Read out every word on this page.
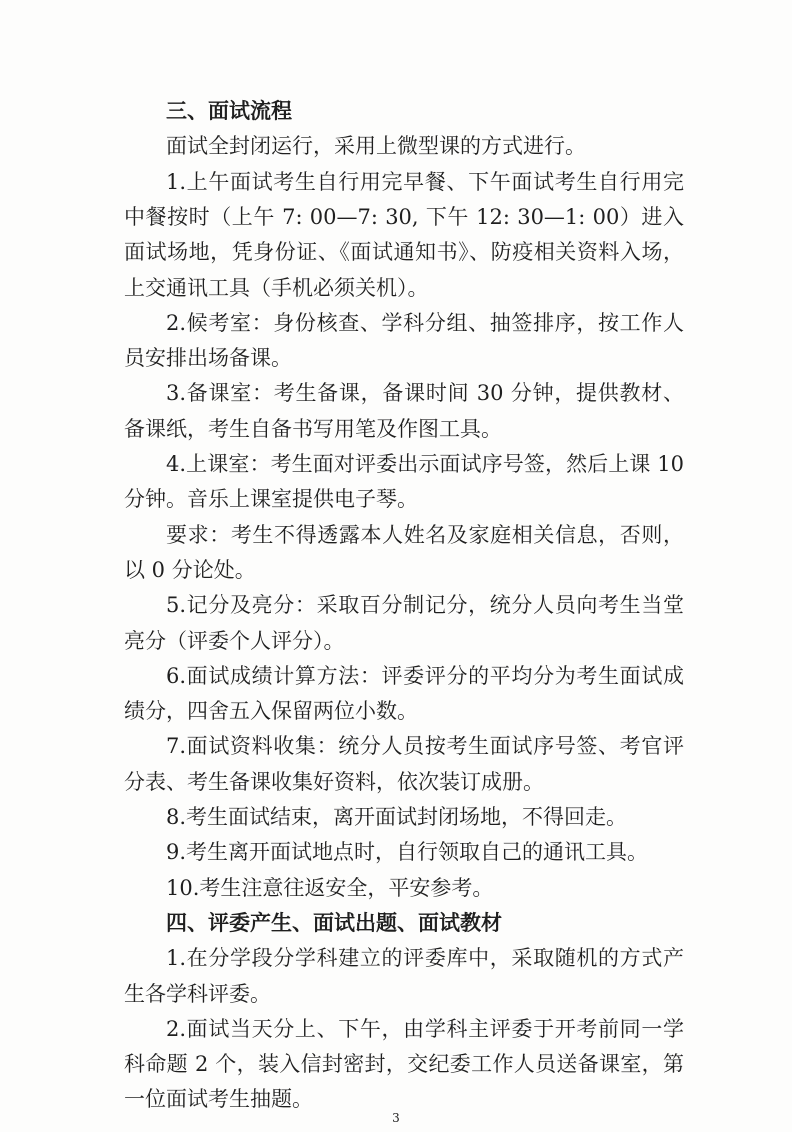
三、面试流程
面试全封闭运行，采用上微型课的方式进行。
1.上午面试考生自行用完早餐、下午面试考生自行用完
中餐按时（上午 7: 00—7: 30, 下午 12: 30—1: 00）进入
面试场地，凭身份证、《面试通知书》、防疫相关资料入场，
上交通讯工具（手机必须关机）。
2.候考室：身份核查、学科分组、抽签排序，按工作人
员安排出场备课。
3.备课室：考生备课，备课时间 30 分钟，提供教材、
备课纸，考生自备书写用笔及作图工具。
4.上课室：考生面对评委出示面试序号签，然后上课 10
分钟。音乐上课室提供电子琴。
要求：考生不得透露本人姓名及家庭相关信息，否则，
以 0 分论处。
5.记分及亮分：采取百分制记分，统分人员向考生当堂
亮分（评委个人评分）。
6.面试成绩计算方法：评委评分的平均分为考生面试成
绩分，四舍五入保留两位小数。
7.面试资料收集：统分人员按考生面试序号签、考官评
分表、考生备课收集好资料，依次装订成册。
8.考生面试结束，离开面试封闭场地，不得回走。
9.考生离开面试地点时，自行领取自己的通讯工具。
10.考生注意往返安全，平安参考。
四、评委产生、面试出题、面试教材
1.在分学段分学科建立的评委库中，采取随机的方式产
生各学科评委。
2.面试当天分上、下午，由学科主评委于开考前同一学
科命题 2 个，装入信封密封，交纪委工作人员送备课室，第
一位面试考生抽题。
3
